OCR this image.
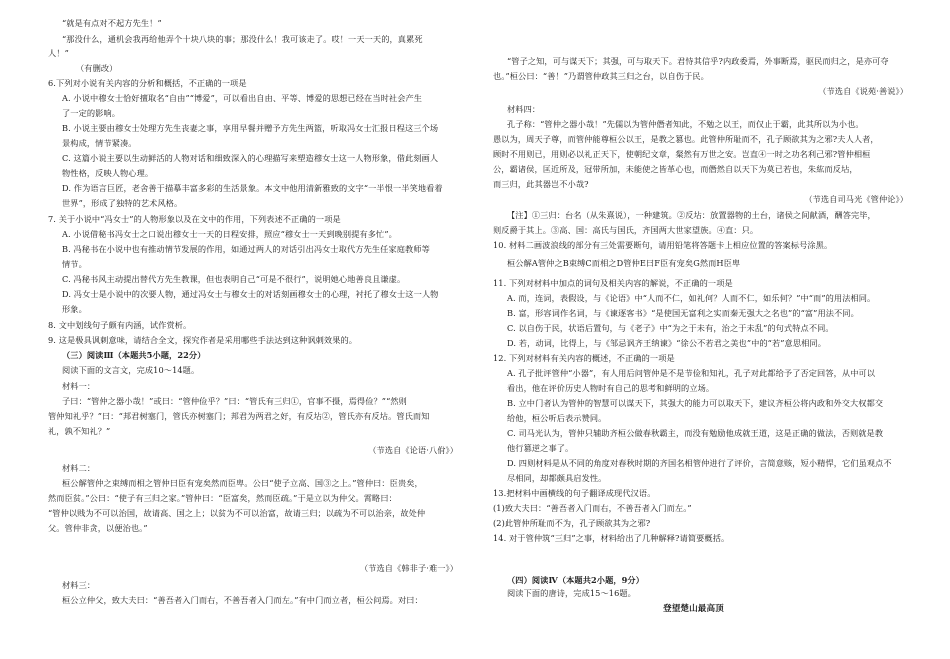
“就是有点对不起方先生！”
“那没什么，通机会我再给他弄个十块八块的事；那没什么！我可该走了。哎！一天一天的，真累死
人！”
（有删改）
6.下列对小说有关内容的分析和概括，不正确的一项是
A. 小说中穆女士恰好擅取名“自由”“博爱”，可以看出自由、平等、博爱的思想已经在当时社会产生
了一定的影响。
B. 小说主要由穆女士处理方先生丧妻之事，享用早餐并赠予方先生两篮，听取冯女士汇报日程这三个场
景构成，情节紧凑。
C. 这篇小说主要以生动鲜活的人物对话和细致深入的心理描写来塑造穆女士这一人物形象，借此刻画人
物性格，反映人物心理。
D. 作为语言巨匠，老舍善于描摹丰富多彩的生活景象。本文中他用清新雅致的文字“一半恨一半笑地看着
世界”，形成了独特的艺术风格。
7. 关于小说中“冯女士”的人物形象以及在文中的作用，下列表述不正确的一项是
A. 小说借秘书冯女士之口说出穆女士一天的日程安排，照应“穆女士一天到晚别提有多忙”。
B. 冯秘书在小说中也有推动情节发展的作用，如通过两人的对话引出冯女士取代方先生任家庭教师等
情节。
C. 冯秘书风主动提出替代方先生教课，但也表明自己“可是不很行”，说明她心地善良且谦虚。
D. 冯女士是小说中的次要人物，通过冯女士与穆女士的对话刻画穆女士的心理，衬托了穆女士这一人物
形象。
8. 文中划线句子颇有内涵，试作赏析。
9. 这是极具讽刺意味，请结合全文，探究作者是采用哪些手法达到这种讽刺效果的。
（三）阅读Ⅲ（本题共5小题，22分）
阅读下面的文言文，完成10～14题。
材料一：
子曰：“管仲之器小哉！”或曰：“管仲俭乎？”曰：“管氏有三归①，官事不摄，焉得俭？”“然则
管仲知礼乎？”曰：“邦君树塞门，管氏亦树塞门；邦君为两君之好，有反坫②，管氏亦有反坫。管氏而知
礼，孰不知礼？”
（节选自《论语·八佾》）
材料二：
桓公解管仲之束缚而相之管仲曰臣有宠矣然而臣卑。公曰“使子立高、国③之上。”管仲曰：臣贵矣，
然而臣贫。”公曰：“使子有三归之家。”管仲曰：“臣富矣，然而臣疏。”于是立以为仲父。霄略曰：
“管仲以贱为不可以治国，故请高、国之上；以贫为不可以治富，故请三归；以疏为不可以治亲，故处仲
父。管仲非贪，以便治也。”
（节选自《韩非子·难一》）
材料三：
桓公立仲父，致大夫曰：“善吾者入门而右，不善吾者入门而左。”有中门而立者，桓公问焉。对曰：
“管子之知，可与谋天下；其强，可与取天下。君恃其信乎?内政委焉，外事断焉，驱民而归之，是亦可夺
也。”桓公曰：“善！”乃谓管仲政其三归之台，以自伤于民。
（节选自《说苑·善说》）
材料四：
孔子称：“管仲之器小哉！”先儒以为管仲僭者知此，不勉之以王，而仅止于霸，此其所以为小也。
愚以为，周天子尊，而管仲能尊桓公以王，是教之篡也。此管仲所耻而不，孔子顾欲其为之邪?夫人人者，
顾时不用则已，用则必以礼正天下，使朝纪文章，粲然有万世之安。岂直④一时之功名利己邪?管仲相桓
公，霸诸侯，匡近所及，冠带所加，未能使之皆革心也，而僭然自以天下为莫已若也，朱紘而反坫，
而三归，此其器岂不小哉?
（节选自司马光《管仲论》）
【注】①三归：台名（从朱熹说），一种建筑。②反坫：放置器物的土台，诸侯之间献酒，酬答完毕，
则反爵于其上。③高、国：高氏与国氏，齐国两大世家望族。④直：只。
10. 材料二画波浪线的部分有三处需要断句，请用铅笔将答题卡上相应位置的答案标号涂黑。
桓公解A管仲之B束缚C而相之D管仲E曰F臣有宠矣G然而H臣卑
11. 下列对材料中加点的词句及相关内容的解说，不正确的一项是
A. 而，连词，表假设，与《论语》中“人而不仁，如礼何？人而不仁，如乐何？”中“而”的用法相同。
B. 富，形容词作名词，与《谏逐客书》“是使国无富利之实而秦无强大之名也”的“富”用法不同。
C. 以自伤于民，状语后置句，与《老子》中“为之于未有，治之于未乱”的句式特点不同。
D. 若，动词，比得上，与《邹忌讽齐王纳谏》“徐公不若君之美也”中的“若”意思相同。
12. 下列对材料有关内容的概述，不正确的一项是
A. 孔子批评管仲“小器”，有人用后问管仲是不是节俭和知礼，孔子对此都给予了否定回答，从中可以
看出，他在评价历史人物时有自己的思考和鲜明的立场。
B. 立中门者认为管仲的智慧可以谋天下，其强大的能力可以取天下，建议齐桓公将内政和外交大权都交
给他，桓公听后表示赞同。
C. 司马光认为，管仲只辅助齐桓公做春秋霸主，而没有勉励他成就王道，这是正确的做法，否则就是教
他行篡逆之事了。
D. 四则材料是从不同的角度对春秋时期的齐国名相管仲进行了评价，言简意赅，短小精悍，它们虽观点不
尽相同，却都颇具启发性。
13.把材料中画横线的句子翻译成现代汉语。
(1)致大夫曰：“善吾者入门而右，不善吾者入门而左。”
(2)此管仲所耻而不为，孔子顾欲其为之邪?
14. 对于管仲筑“三归”之事，材料给出了几种解释?请简要概括。
（四）阅读Ⅳ（本题共2小题，9分）
阅读下面的唐诗，完成15～16题。
登望楚山最高顶
